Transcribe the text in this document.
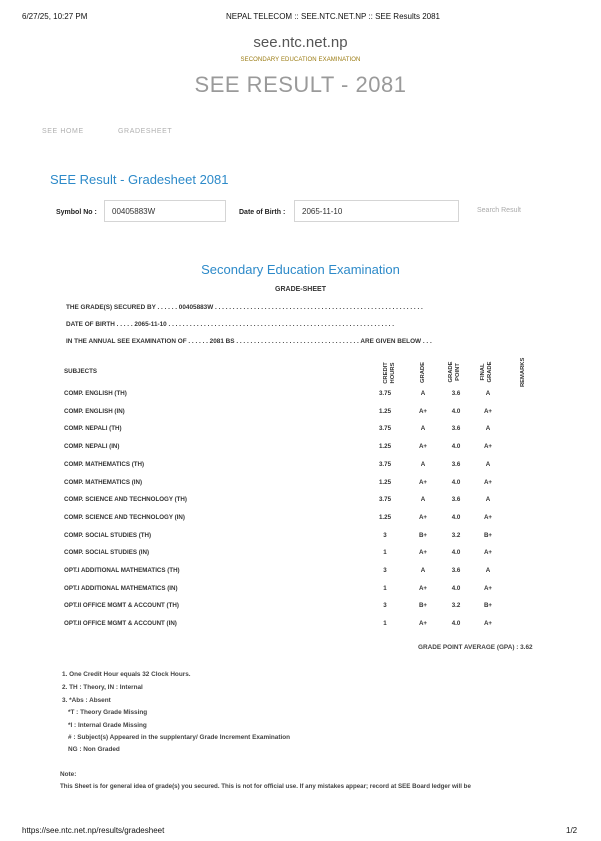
6/27/25, 10:27 PM	NEPAL TELECOM :: SEE.NTC.NET.NP :: SEE Results 2081
see.ntc.net.np
SECONDARY EDUCATION EXAMINATION
SEE RESULT - 2081
SEE HOME	GRADESHEET
SEE Result - Gradesheet 2081
Symbol No :
00405883W	Date of Birth :
2065-11-10	Search Result
Secondary Education Examination
GRADE-SHEET
THE GRADE(S) SECURED BY . . . . . . 00405883W . . . . . . . . . . . . . . . . . . . . . . . . . . . . . . . . . . . . . . . . . . . . . . . . . . . . . . . . . . .
DATE OF BIRTH . . . . . 2065-11-10 . . . . . . . . . . . . . . . . . . . . . . . . . . . . . . . . . . . . . . . . . . . . . . . . . . . . . . . . . . . . . . . .
IN THE ANNUAL SEE EXAMINATION OF . . . . . . 2081 BS . . . . . . . . . . . . . . . . . . . . . . . . . . . . . . . . . . . ARE GIVEN BELOW . . .
SUBJECTS	CREDIT HOURS	GRADE	GRADE POINT	FINAL GRADE	REMARKS
COMP. ENGLISH (TH)	3.75	A	3.6	A
COMP. ENGLISH (IN)	1.25	A+	4.0	A+
COMP. NEPALI (TH)	3.75	A	3.6	A
COMP. NEPALI (IN)	1.25	A+	4.0	A+
COMP. MATHEMATICS (TH)	3.75	A	3.6	A
COMP. MATHEMATICS (IN)	1.25	A+	4.0	A+
COMP. SCIENCE AND TECHNOLOGY (TH)	3.75	A	3.6	A
COMP. SCIENCE AND TECHNOLOGY (IN)	1.25	A+	4.0	A+
COMP. SOCIAL STUDIES (TH)	3	B+	3.2	B+
COMP. SOCIAL STUDIES (IN)	1	A+	4.0	A+
OPT.I ADDITIONAL MATHEMATICS (TH)	3	A	3.6	A
OPT.I ADDITIONAL MATHEMATICS (IN)	1	A+	4.0	A+
OPT.II OFFICE MGMT & ACCOUNT (TH)	3	B+	3.2	B+
OPT.II OFFICE MGMT & ACCOUNT (IN)	1	A+	4.0	A+
GRADE POINT AVERAGE (GPA) : 3.62
1. One Credit Hour equals 32 Clock Hours.
2. TH : Theory, IN : Internal
3. *Abs : Absent
*T : Theory Grade Missing
*I : Internal Grade Missing
# : Subject(s) Appeared in the supplentary/ Grade Increment Examination
NG : Non Graded
Note:
This Sheet is for general idea of grade(s) you secured. This is not for official use. If any mistakes appear; record at SEE Board ledger will be
https://see.ntc.net.np/results/gradesheet	1/2
